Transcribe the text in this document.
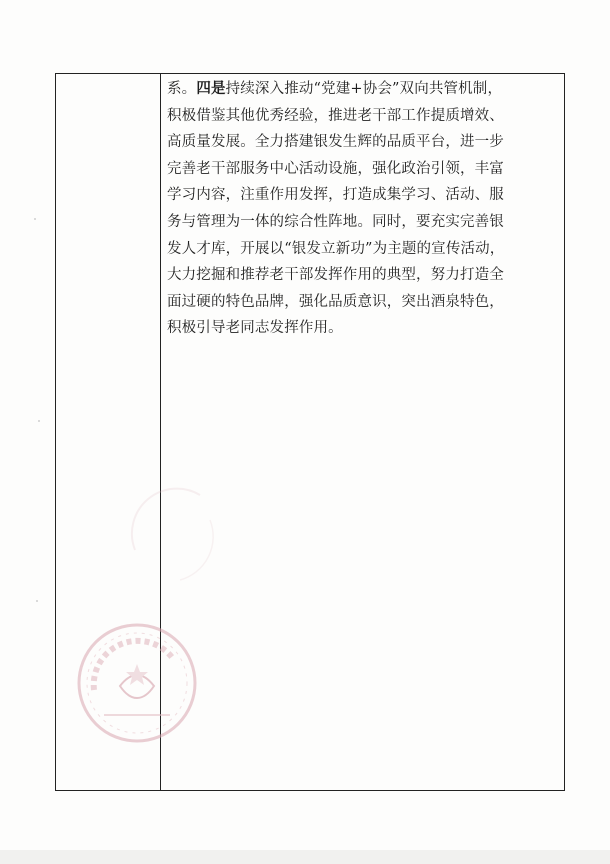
系。四是持续深入推动“党建+协会”双向共管机制，
积极借鉴其他优秀经验，推进老干部工作提质增效、
高质量发展。全力搭建银发生辉的品质平台，进一步
完善老干部服务中心活动设施，强化政治引领，丰富
学习内容，注重作用发挥，打造成集学习、活动、服
务与管理为一体的综合性阵地。同时，要充实完善银
发人才库，开展以“银发立新功”为主题的宣传活动，
大力挖掘和推荐老干部发挥作用的典型，努力打造全
面过硬的特色品牌，强化品质意识，突出酒泉特色，
积极引导老同志发挥作用。
